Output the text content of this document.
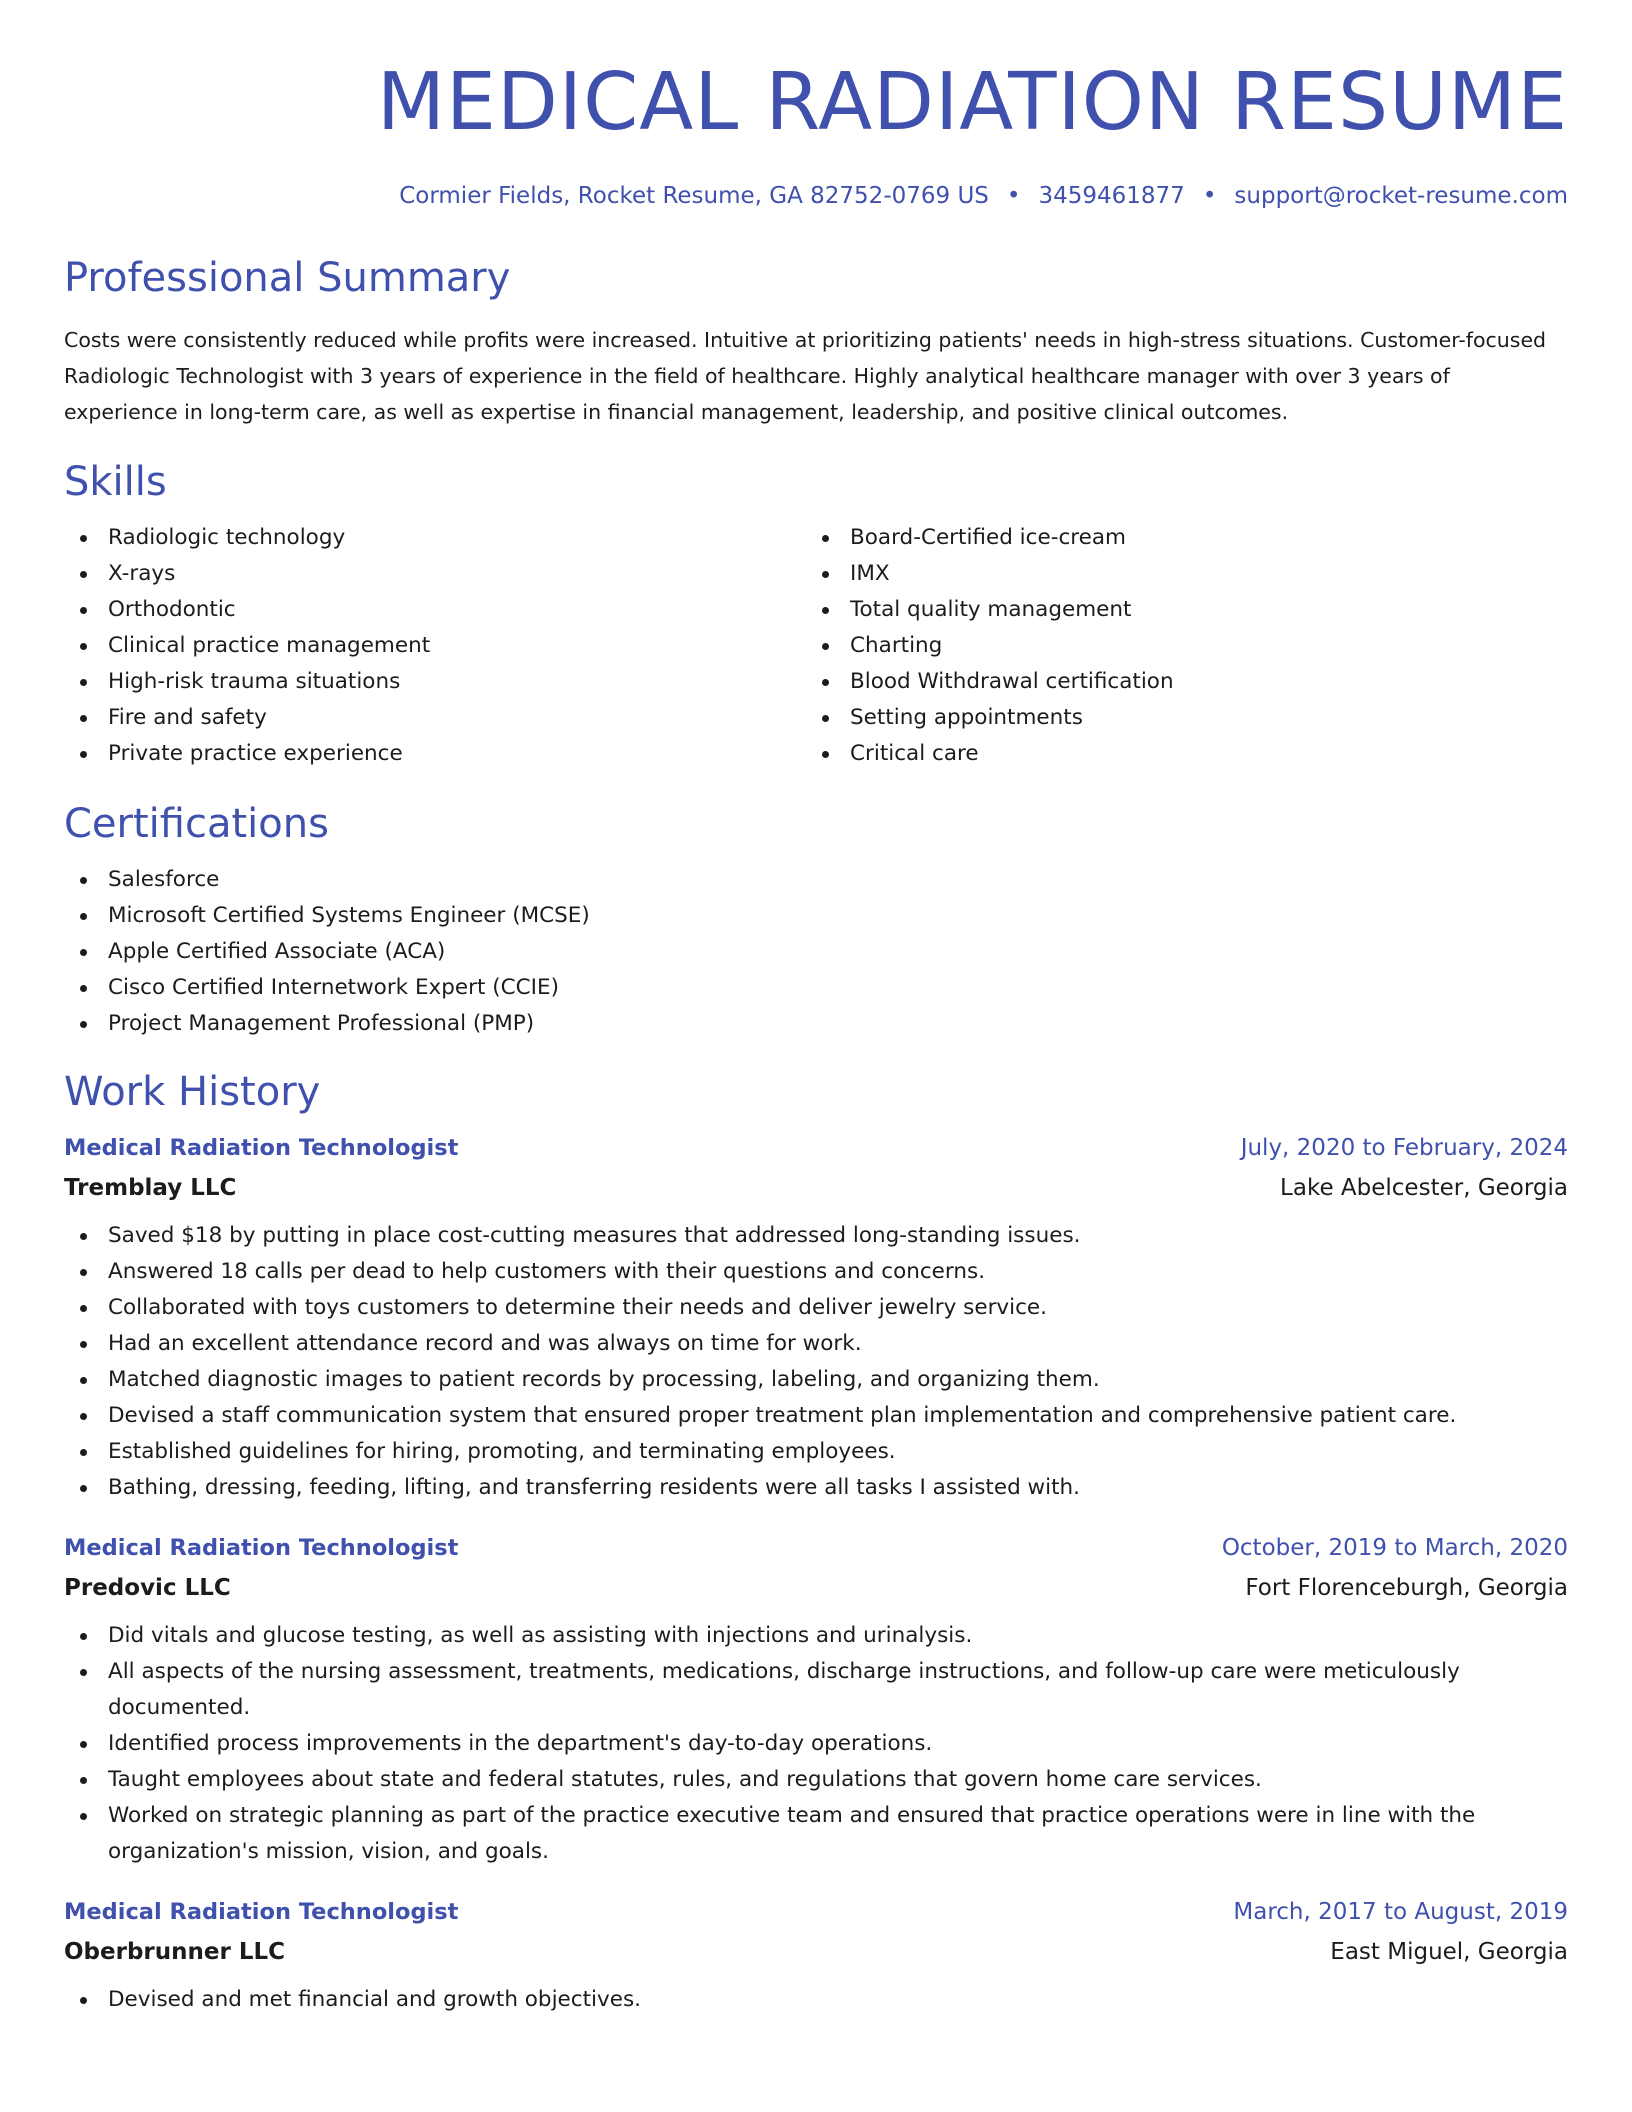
MEDICAL RADIATION RESUME
Cormier Fields, Rocket Resume, GA 82752-0769 US • 3459461877 • support@rocket-resume.com
Professional Summary
Costs were consistently reduced while profits were increased. Intuitive at prioritizing patients' needs in high-stress situations. Customer-focused Radiologic Technologist with 3 years of experience in the field of healthcare. Highly analytical healthcare manager with over 3 years of experience in long-term care, as well as expertise in financial management, leadership, and positive clinical outcomes.
Skills
Radiologic technology
X-rays
Orthodontic
Clinical practice management
High-risk trauma situations
Fire and safety
Private practice experience
Board-Certified ice-cream
IMX
Total quality management
Charting
Blood Withdrawal certification
Setting appointments
Critical care
Certifications
Salesforce
Microsoft Certified Systems Engineer (MCSE)
Apple Certified Associate (ACA)
Cisco Certified Internetwork Expert (CCIE)
Project Management Professional (PMP)
Work History
Medical Radiation Technologist	July, 2020 to February, 2024
Tremblay LLC	Lake Abelcester, Georgia
Saved $18 by putting in place cost-cutting measures that addressed long-standing issues.
Answered 18 calls per dead to help customers with their questions and concerns.
Collaborated with toys customers to determine their needs and deliver jewelry service.
Had an excellent attendance record and was always on time for work.
Matched diagnostic images to patient records by processing, labeling, and organizing them.
Devised a staff communication system that ensured proper treatment plan implementation and comprehensive patient care.
Established guidelines for hiring, promoting, and terminating employees.
Bathing, dressing, feeding, lifting, and transferring residents were all tasks I assisted with.
Medical Radiation Technologist	October, 2019 to March, 2020
Predovic LLC	Fort Florenceburgh, Georgia
Did vitals and glucose testing, as well as assisting with injections and urinalysis.
All aspects of the nursing assessment, treatments, medications, discharge instructions, and follow-up care were meticulously documented.
Identified process improvements in the department's day-to-day operations.
Taught employees about state and federal statutes, rules, and regulations that govern home care services.
Worked on strategic planning as part of the practice executive team and ensured that practice operations were in line with the organization's mission, vision, and goals.
Medical Radiation Technologist	March, 2017 to August, 2019
Oberbrunner LLC	East Miguel, Georgia
Devised and met financial and growth objectives.
